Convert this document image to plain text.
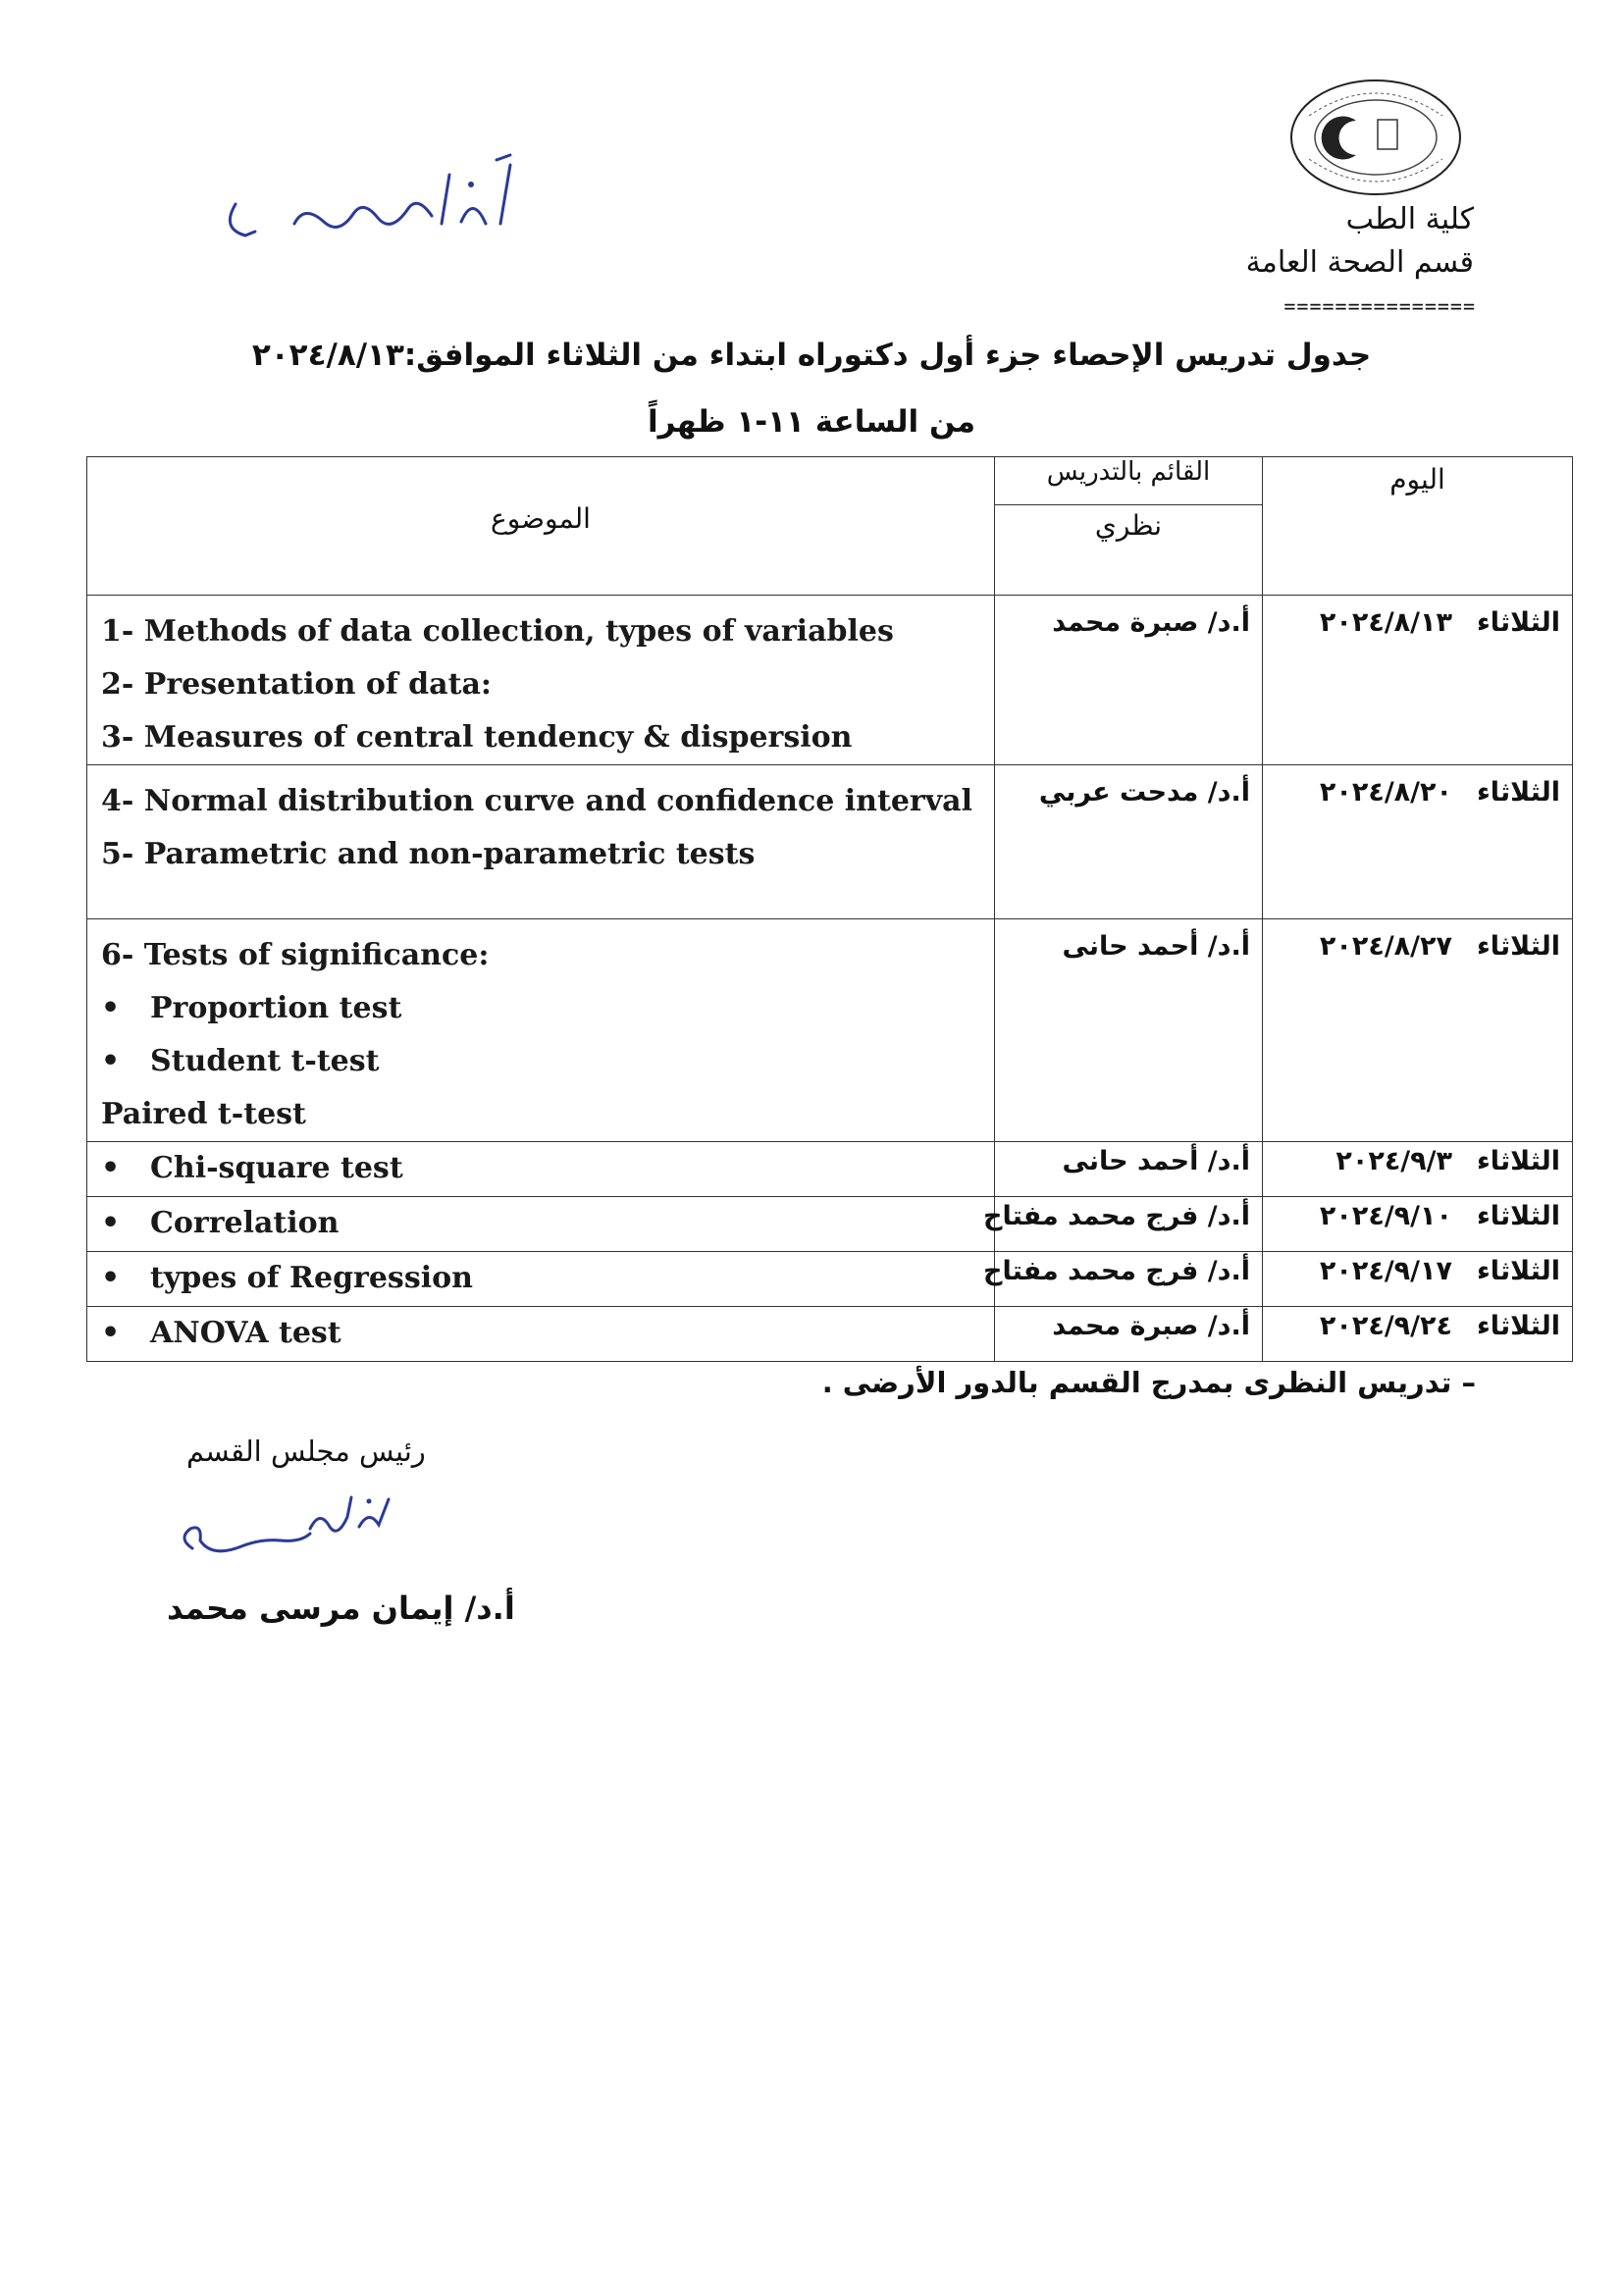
كلية الطب
قسم الصحة العامة
===============
جدول تدريس الإحصاء جزء أول دكتوراه ابتداء من الثلاثاء الموافق:٢٠٢٤/٨/١٣
من الساعة ١١-١ ظهراً
الموضوع	القائم بالتدريس	اليوم
	نظري	

1- Methods of data collection, types of variables
2- Presentation of data:
3- Measures of central tendency & dispersion	أ.د/ صبرة محمد	الثلاثاء٢٠٢٤/٨/١٣

4- Normal distribution curve and confidence interval
5- Parametric and non-parametric tests	أ.د/ مدحت عربي	الثلاثاء٢٠٢٤/٨/٢٠

6- Tests of significance:
• Proportion test
• Student t-test
Paired t-test	أ.د/ أحمد حانى	الثلاثاء٢٠٢٤/٨/٢٧

• Chi-square test	أ.د/ أحمد حانى	الثلاثاء٢٠٢٤/٩/٣

• Correlation	أ.د/ فرج محمد مفتاح	الثلاثاء٢٠٢٤/٩/١٠

• types of Regression	أ.د/ فرج محمد مفتاح	الثلاثاء٢٠٢٤/٩/١٧

• ANOVA test	أ.د/ صبرة محمد	الثلاثاء٢٠٢٤/٩/٢٤
– تدريس النظرى بمدرج القسم بالدور الأرضى .
رئيس مجلس القسم
أ.د/ إيمان مرسى محمد
